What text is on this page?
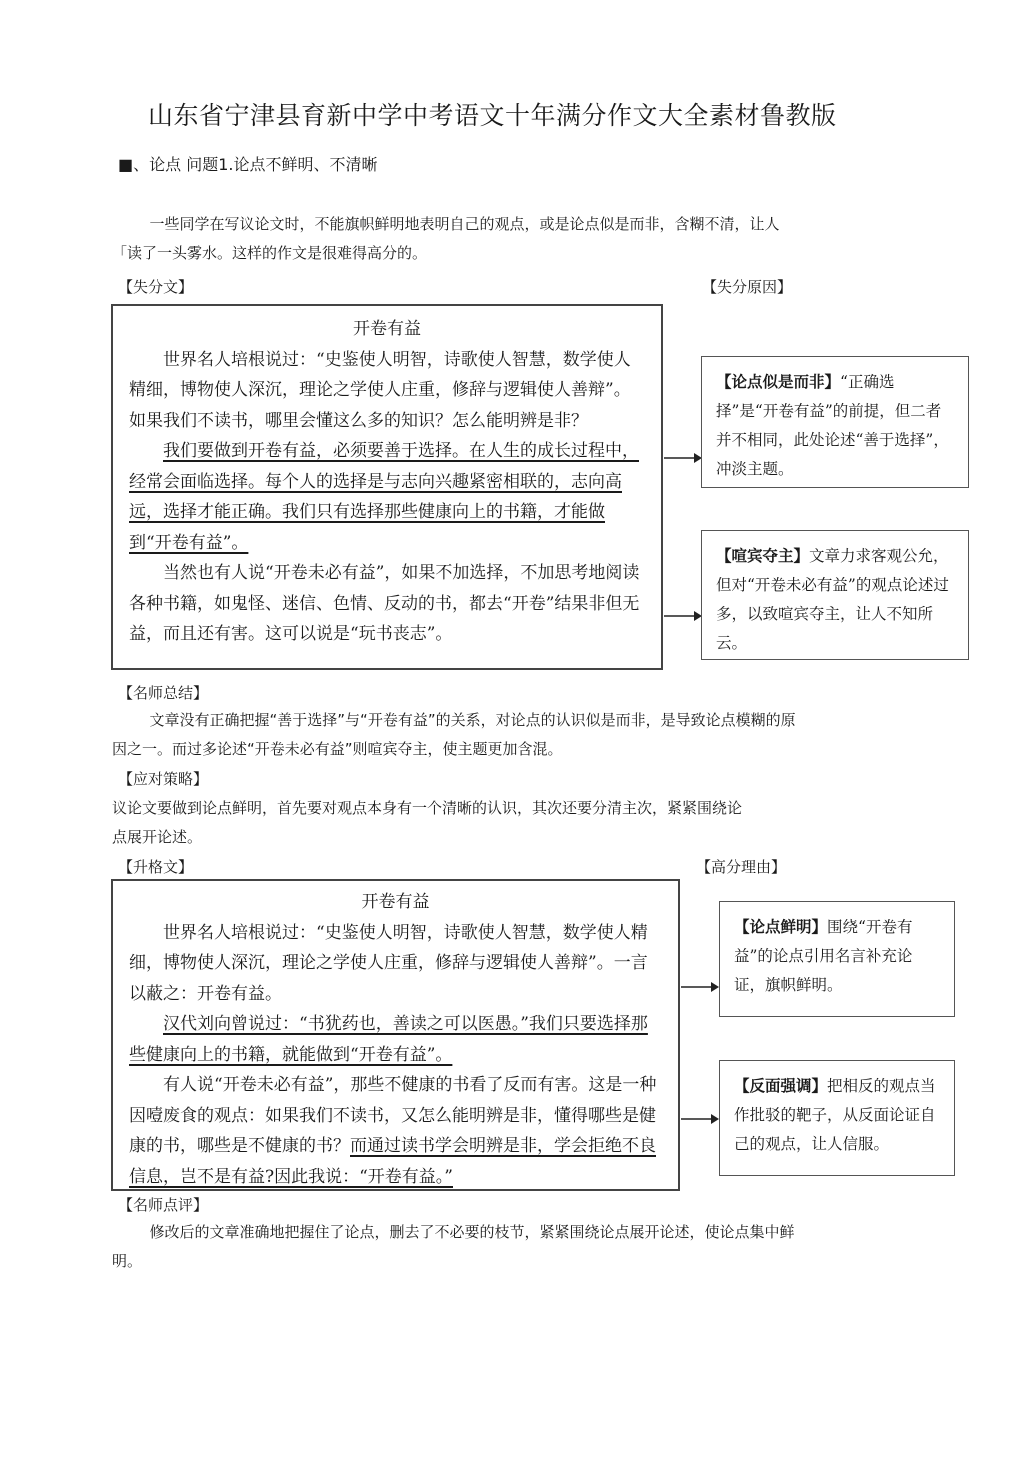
山东省宁津县育新中学中考语文十年满分作文大全素材鲁教版
■、论点 问题1.论点不鲜明、不清晰
一些同学在写议论文时，不能旗帜鲜明地表明自己的观点，或是论点似是而非，含糊不清，让人「读了一头雾水。这样的作文是很难得高分的。
【失分文】	【失分原因】
开卷有益

世界名人培根说过：“史鉴使人明智，诗歌使人智慧，数学使人精细，博物使人深沉，理论之学使人庄重，修辞与逻辑使人善辩”。如果我们不读书，哪里会懂这么多的知识？怎么能明辨是非？

我们要做到开卷有益，必须要善于选择。在人生的成长过程中，经常会面临选择。每个人的选择是与志向兴趣紧密相联的，志向高远，选择才能正确。我们只有选择那些健康向上的书籍，才能做到“开卷有益”。

当然也有人说“开卷未必有益”，如果不加选择，不加思考地阅读各种书籍，如鬼怪、迷信、色情、反动的书，都去“开卷”结果非但无益，而且还有害。这可以说是“玩书丧志”。

【论点似是而非】“正确选择”是“开卷有益”的前提，但二者并不相同，此处论述“善于选择”，冲淡主题。
【喧宾夺主】文章力求客观公允，但对“开卷未必有益”的观点论述过多，以致喧宾夺主，让人不知所云。
【名师总结】
文章没有正确把握“善于选择”与“开卷有益”的关系，对论点的认识似是而非，是导致论点模糊的原因之一。而过多论述“开卷未必有益”则喧宾夺主，使主题更加含混。
【应对策略】
议论文要做到论点鲜明，首先要对观点本身有一个清晰的认识，其次还要分清主次，紧紧围绕论点展开论述。
【升格文】	【高分理由】
开卷有益

世界名人培根说过：“史鉴使人明智，诗歌使人智慧，数学使人精细，博物使人深沉，理论之学使人庄重，修辞与逻辑使人善辩”。一言以蔽之：开卷有益。

汉代刘向曾说过：“书犹药也，善读之可以医愚。”我们只要选择那些健康向上的书籍，就能做到“开卷有益”。

有人说“开卷未必有益”，那些不健康的书看了反而有害。这是一种因噎废食的观点：如果我们不读书，又怎么能明辨是非，懂得哪些是健康的书，哪些是不健康的书？而通过读书学会明辨是非，学会拒绝不良信息，岂不是有益?因此我说：“开卷有益。”

【论点鲜明】围绕“开卷有益”的论点引用名言补充论证，旗帜鲜明。
【反面强调】把相反的观点当作批驳的靶子，从反面论证自己的观点，让人信服。
【名师点评】
修改后的文章准确地把握住了论点，删去了不必要的枝节，紧紧围绕论点展开论述，使论点集中鲜明。
